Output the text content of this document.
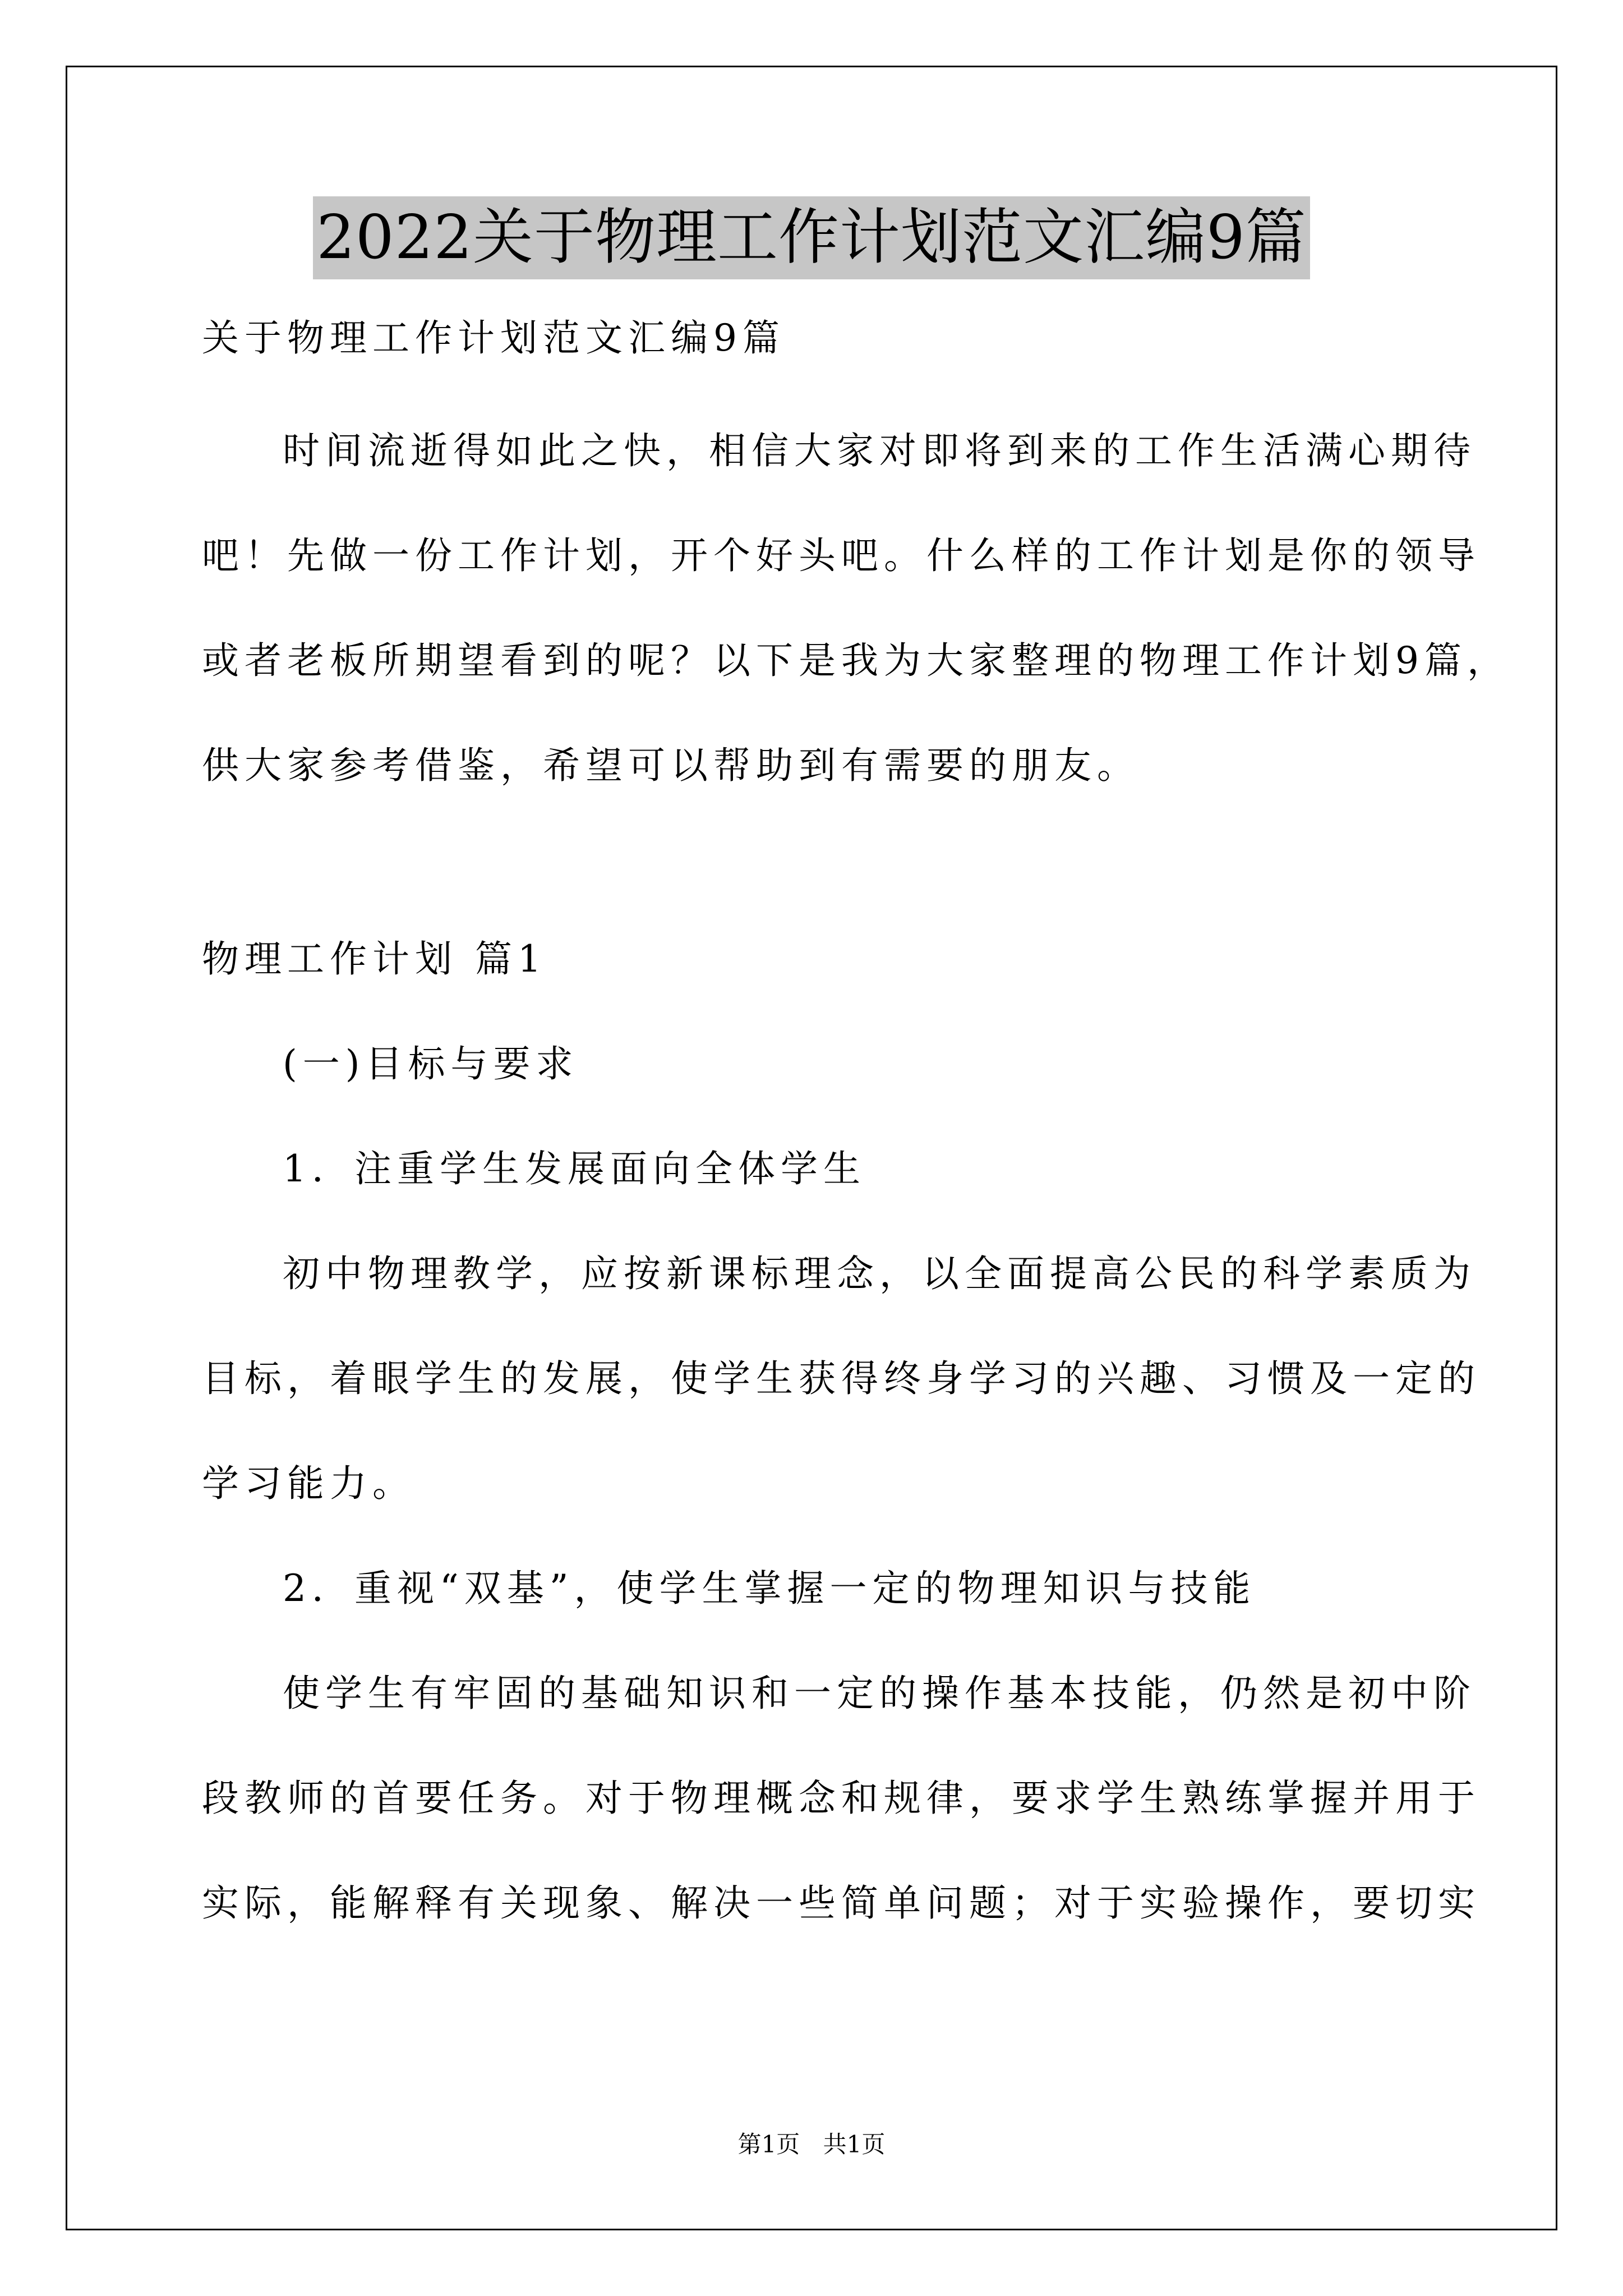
2022关于物理工作计划范文汇编9篇
关于物理工作计划范文汇编9篇
时间流逝得如此之快，相信大家对即将到来的工作生活满心期待
吧！先做一份工作计划，开个好头吧。什么样的工作计划是你的领导
或者老板所期望看到的呢？以下是我为大家整理的物理工作计划9篇，
供大家参考借鉴，希望可以帮助到有需要的朋友。
物理工作计划 篇1
(一)目标与要求
1．注重学生发展面向全体学生
初中物理教学，应按新课标理念，以全面提高公民的科学素质为
目标，着眼学生的发展，使学生获得终身学习的兴趣、习惯及一定的
学习能力。
2．重视“双基”，使学生掌握一定的物理知识与技能
使学生有牢固的基础知识和一定的操作基本技能，仍然是初中阶
段教师的首要任务。对于物理概念和规律，要求学生熟练掌握并用于
实际，能解释有关现象、解决一些简单问题；对于实验操作，要切实
第1页 共1页
